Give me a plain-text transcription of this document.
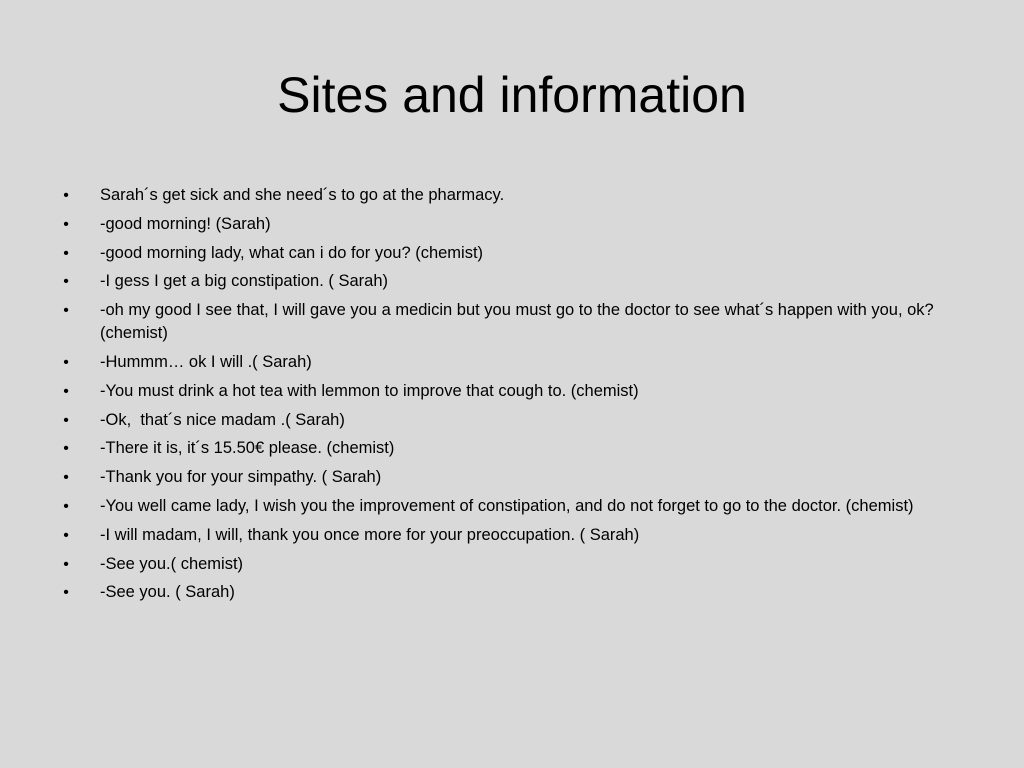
Sites and information
• Sarah´s get sick and she need´s to go at the pharmacy.
• -good morning! (Sarah)
• -good morning lady, what can i do for you? (chemist)
• -I gess I get a big constipation. ( Sarah)
• -oh my good I see that, I will gave you a medicin but you must go to the doctor to see what´s happen with you, ok? (chemist)
• -Hummm… ok I will .( Sarah)
• -You must drink a hot tea with lemmon to improve that cough to. (chemist)
• -Ok,  that´s nice madam .( Sarah)
• -There it is, it´s 15.50€ please. (chemist)
• -Thank you for your simpathy. ( Sarah)
• -You well came lady, I wish you the improvement of constipation, and do not forget to go to the doctor. (chemist)
• -I will madam, I will, thank you once more for your preoccupation. ( Sarah)
• -See you.( chemist)
• -See you. ( Sarah)
